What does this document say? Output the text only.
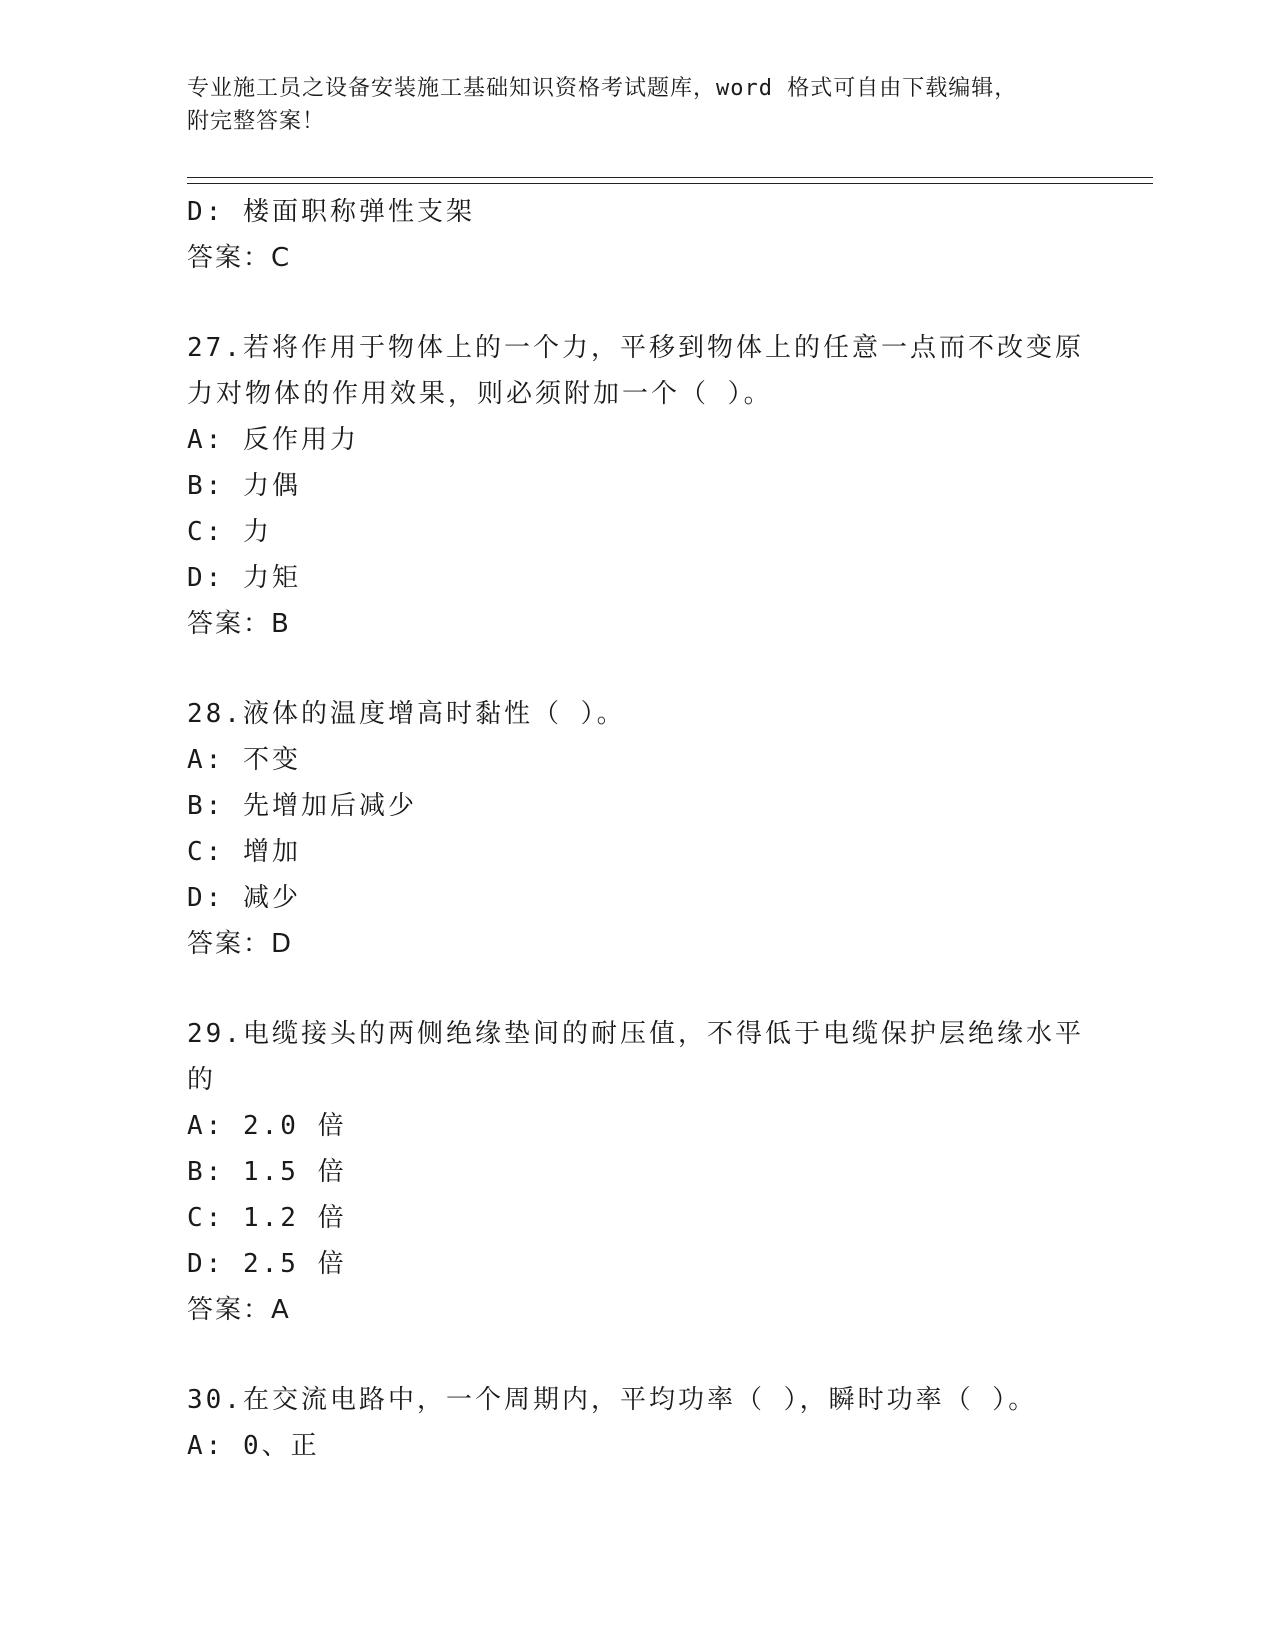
专业施工员之设备安装施工基础知识资格考试题库，word 格式可自由下载编辑，
附完整答案！
D: 楼面职称弹性支架
答案：C
27.若将作用于物体上的一个力，平移到物体上的任意一点而不改变原
力对物体的作用效果，则必须附加一个（ ）。
A: 反作用力
B: 力偶
C: 力
D: 力矩
答案：B
28.液体的温度增高时黏性（ ）。
A: 不变
B: 先增加后减少
C: 增加
D: 减少
答案：D
29.电缆接头的两侧绝缘垫间的耐压值，不得低于电缆保护层绝缘水平
的
A: 2.0 倍
B: 1.5 倍
C: 1.2 倍
D: 2.5 倍
答案：A
30.在交流电路中，一个周期内，平均功率（ ），瞬时功率（ ）。
A: 0、正
